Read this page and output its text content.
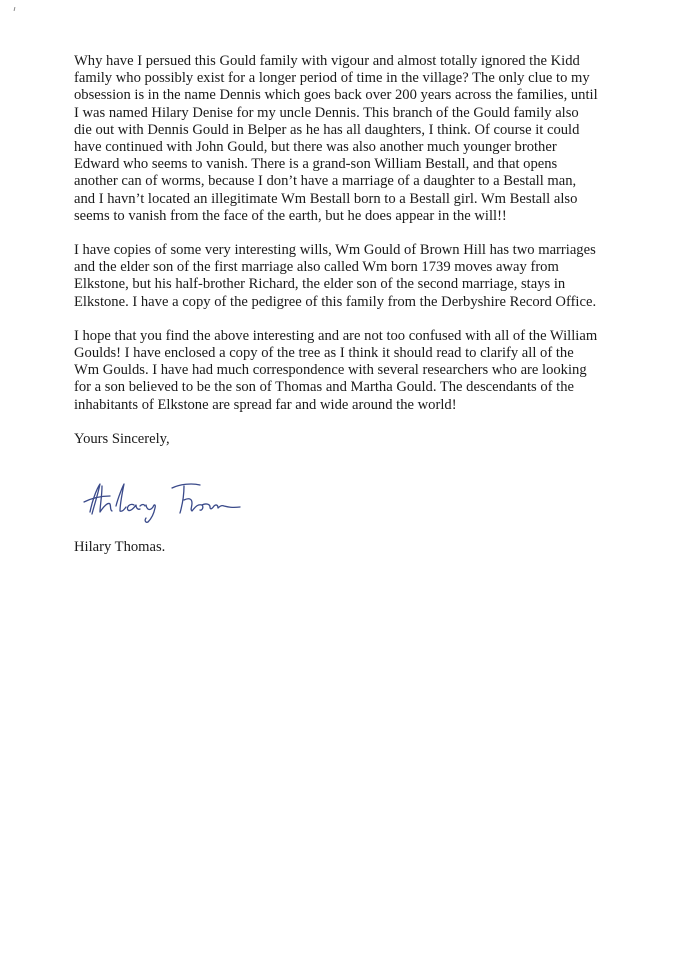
Why have I persued this Gould family with vigour and almost totally ignored the Kidd
family who possibly exist for a longer period of time in the village? The only clue to my
obsession is in the name Dennis which goes back over 200 years across the families, until
I was named Hilary Denise for my uncle Dennis. This branch of the Gould family also
die out with Dennis Gould in Belper as he has all daughters, I think. Of course it could
have continued with John Gould, but there was also another much younger brother
Edward who seems to vanish. There is a grand-son William Bestall, and that opens
another can of worms, because I don’t have a marriage of a daughter to a Bestall man,
and I havn’t located an illegitimate Wm Bestall born to a Bestall girl. Wm Bestall also
seems to vanish from the face of the earth, but he does appear in the will!!

I have copies of some very interesting wills, Wm Gould of Brown Hill has two marriages
and the elder son of the first marriage also called Wm born 1739 moves away from
Elkstone, but his half-brother Richard, the elder son of the second marriage, stays in
Elkstone. I have a copy of the pedigree of this family from the Derbyshire Record Office.

I hope that you find the above interesting and are not too confused with all of the William
Goulds! I have enclosed a copy of the tree as I think it should read to clarify all of the
Wm Goulds. I have had much correspondence with several researchers who are looking
for a son believed to be the son of Thomas and Martha Gould. The descendants of the
inhabitants of Elkstone are spread far and wide around the world!

Yours Sincerely,

Hilary Thomas.
